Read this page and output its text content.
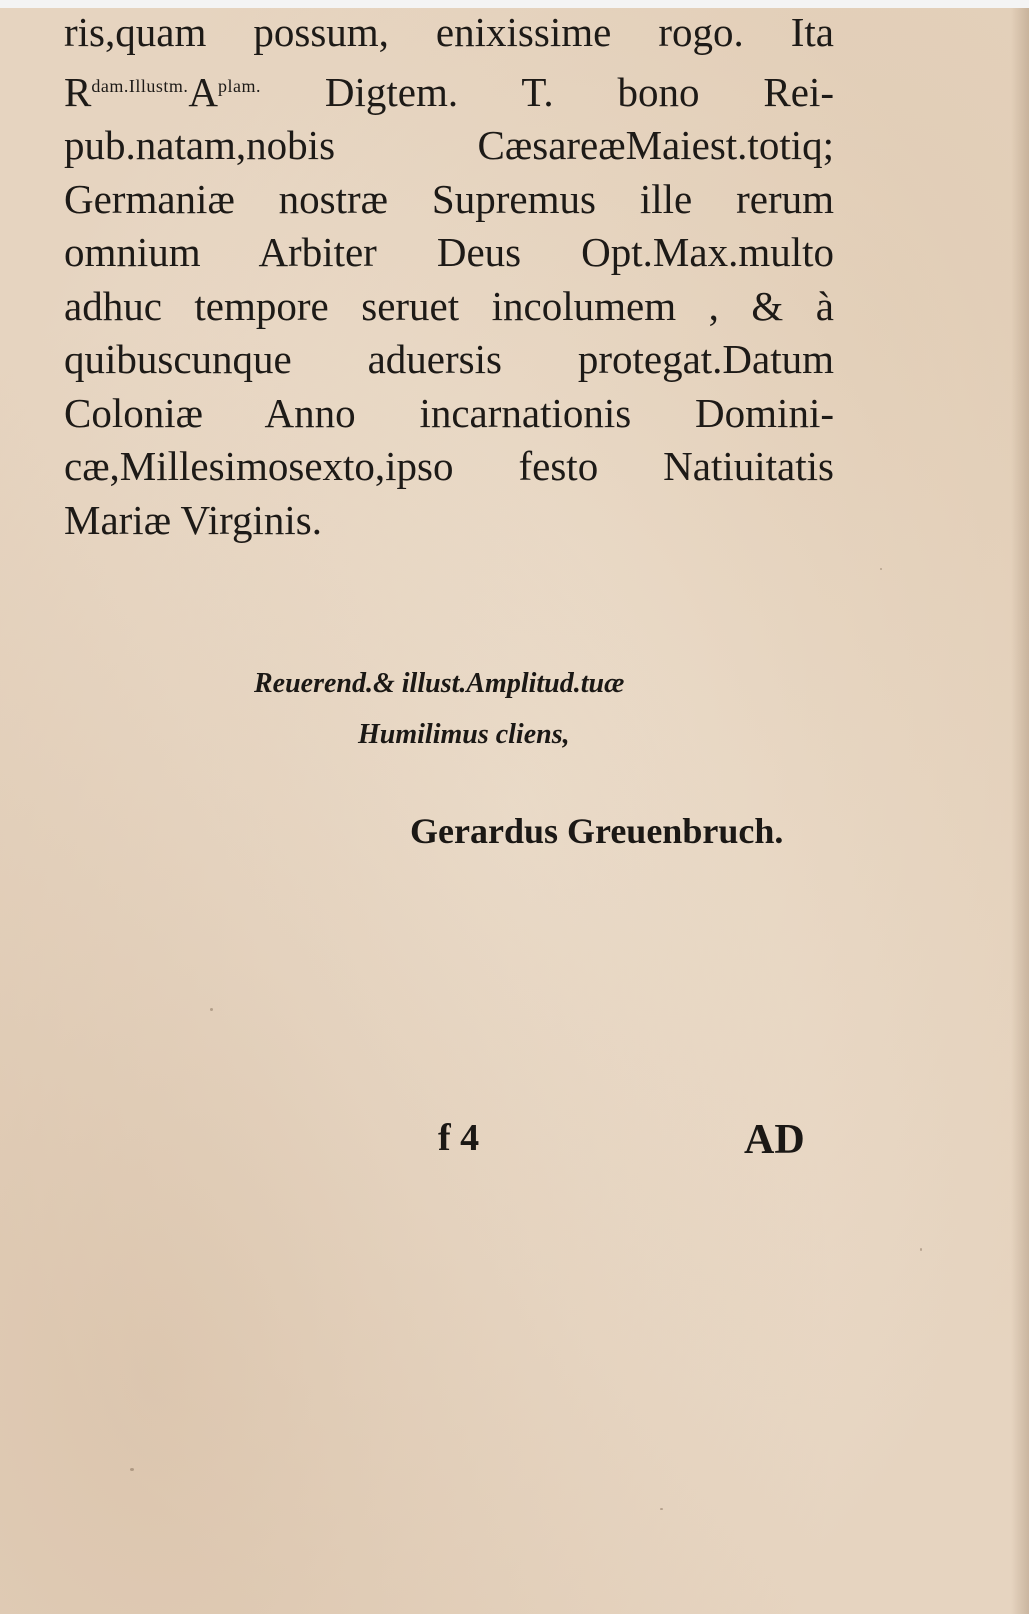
ris,quam possum, enixissime rogo. Ita
$R^{dam.Illustm.}A^{plam.}$ Digtem. T. bono Rei-
pub.natam,nobis CæsareæMaiest.totiq;
Germaniæ nostræ Supremus ille rerum
omnium Arbiter Deus Opt.Max.multo
adhuc tempore seruet incolumem , & à
quibuscunque aduersis protegat.Datum
Coloniæ Anno incarnationis Domini-
cæ,Millesimosexto,ipso festo Natiuitatis
Mariæ Virginis.
Reuerend.& illust.Amplitud.tuæ
Humilimus cliens,
Gerardus Greuenbruch.
f 4	AD
